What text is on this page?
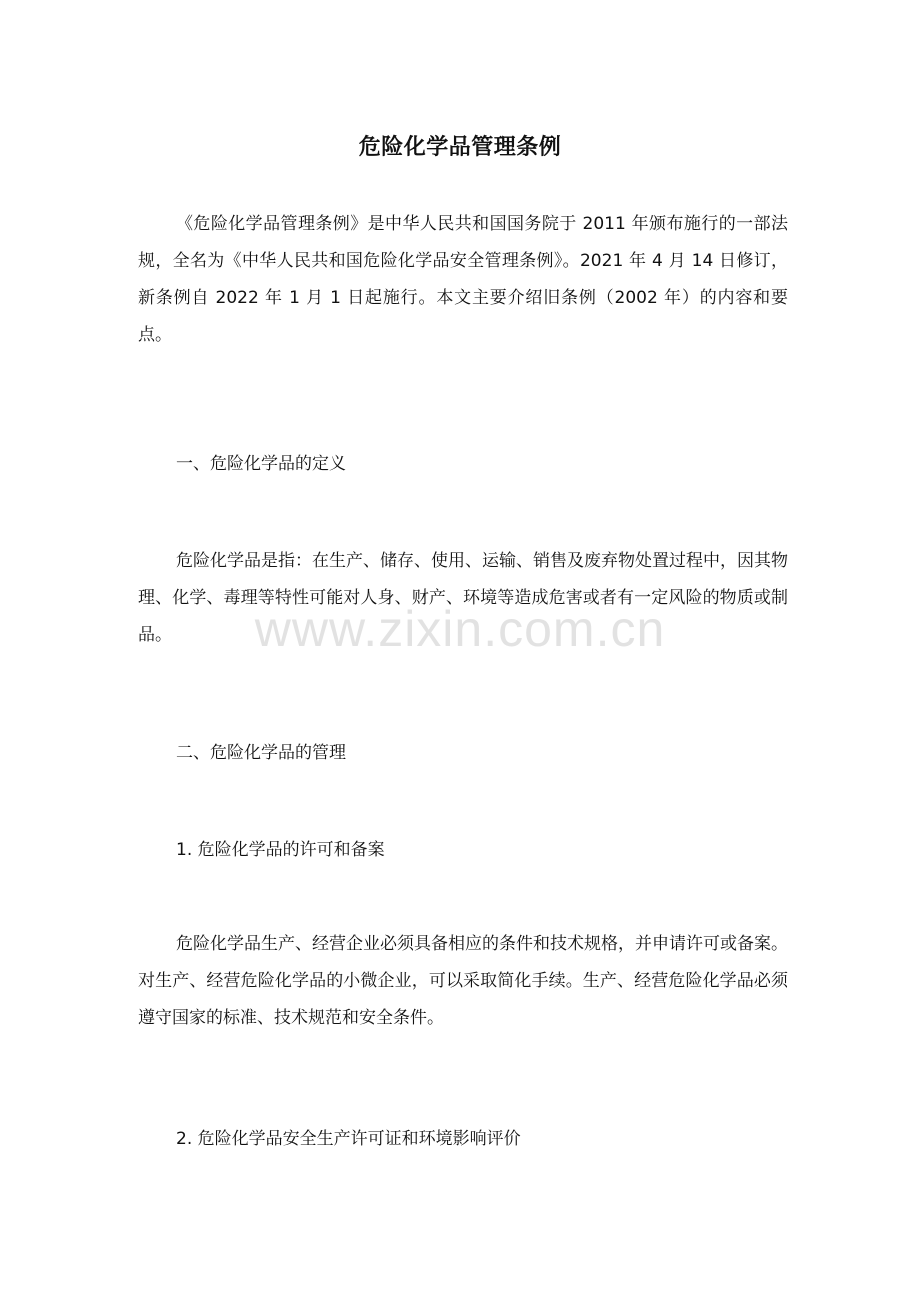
危险化学品管理条例

《危险化学品管理条例》是中华人民共和国国务院于 2011 年颁布施行的一部法规，全名为《中华人民共和国危险化学品安全管理条例》。2021 年 4 月 14 日修订，新条例自 2022 年 1 月 1 日起施行。本文主要介绍旧条例（2002 年）的内容和要点。

一、危险化学品的定义

危险化学品是指：在生产、储存、使用、运输、销售及废弃物处置过程中，因其物理、化学、毒理等特性可能对人身、财产、环境等造成危害或者有一定风险的物质或制品。

二、危险化学品的管理

1. 危险化学品的许可和备案

危险化学品生产、经营企业必须具备相应的条件和技术规格，并申请许可或备案。对生产、经营危险化学品的小微企业，可以采取简化手续。生产、经营危险化学品必须遵守国家的标准、技术规范和安全条件。

2. 危险化学品安全生产许可证和环境影响评价

www.zixin.com.cn
